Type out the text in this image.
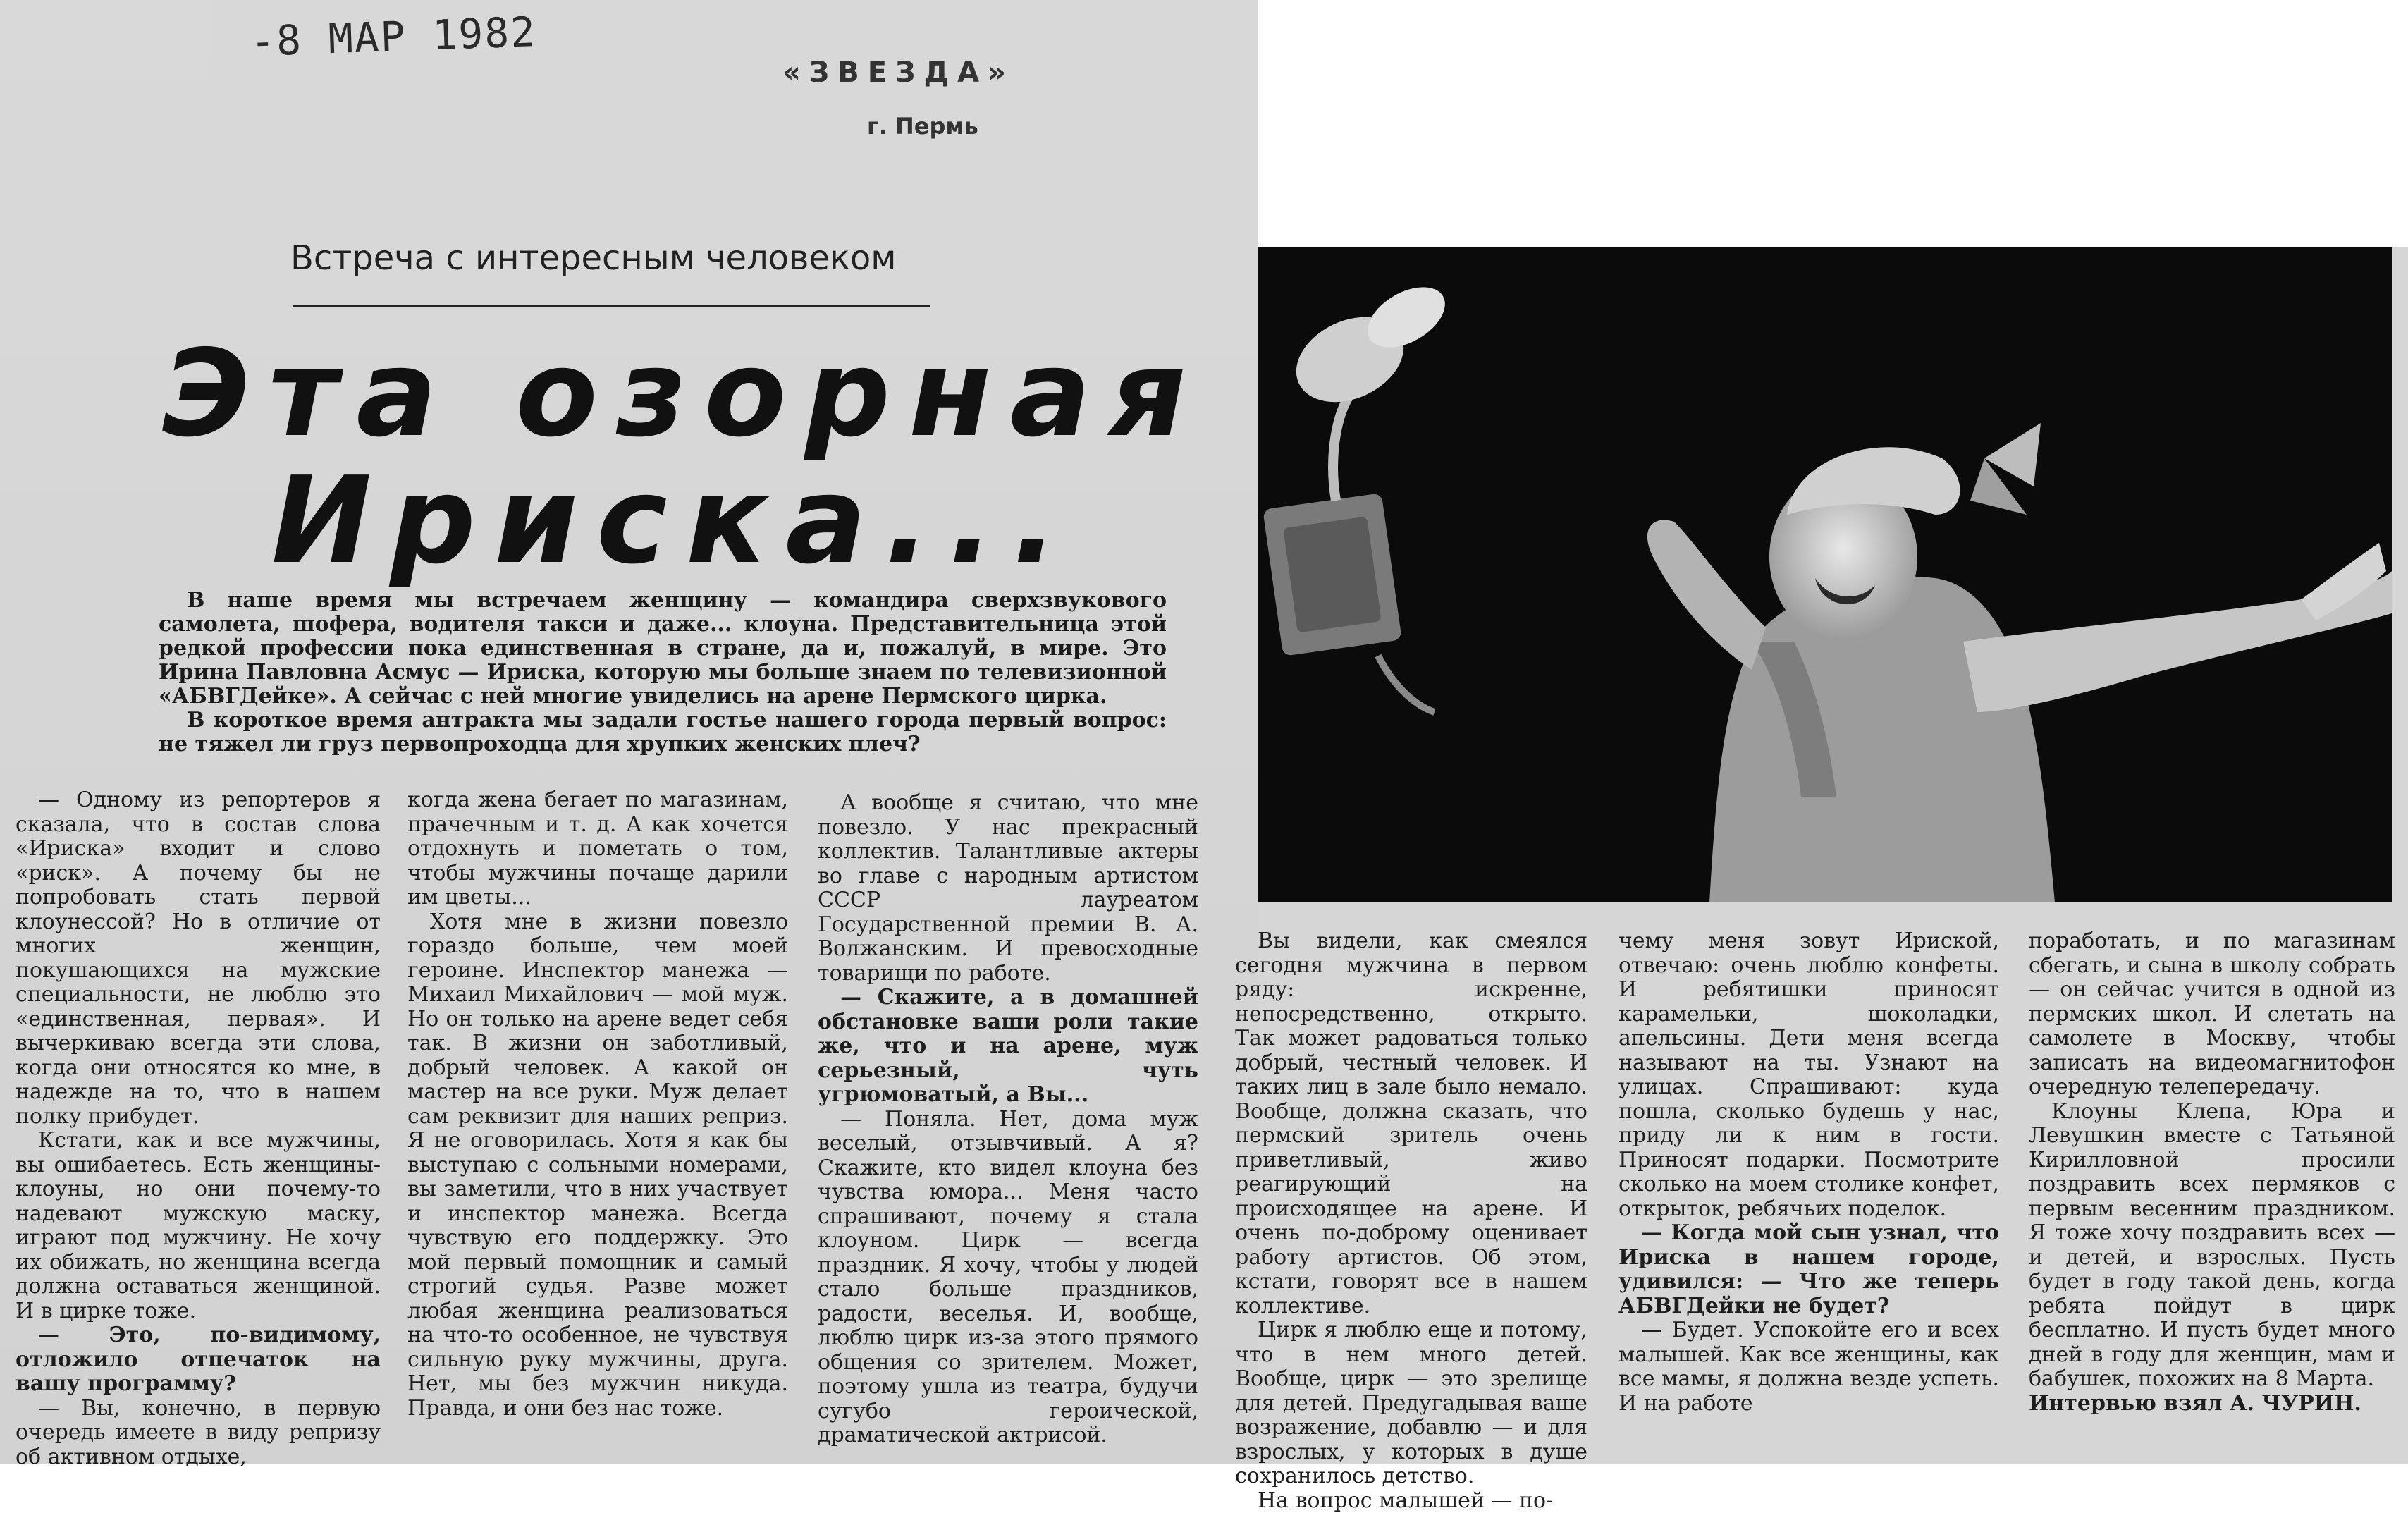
-8 МАР 1982
«ЗВЕЗДА»
г. Пермь
Встреча с интересным человеком
Эта озорная
Ириска...

В наше время мы встречаем женщину — командира сверхзвукового самолета, шофера, водителя такси и даже... клоуна. Представительница этой редкой профессии пока единственная в стране, да и, пожалуй, в мире. Это Ирина Павловна Асмус — Ириска, которую мы больше знаем по телевизионной «АБВГДейке». А сейчас с ней многие увиделись на арене Пермского цирка.

В короткое время антракта мы задали гостье нашего города первый вопрос: не тяжел ли груз первопроходца для хрупких женских плеч?

— Одному из репортеров я сказала, что в состав слова «Ириска» входит и слово «риск». А почему бы не попробовать стать первой клоунессой? Но в отличие от многих женщин, покушающихся на мужские специальности, не люблю это «единственная, первая». И вычеркиваю всегда эти слова, когда они относятся ко мне, в надежде на то, что в нашем полку прибудет.

Кстати, как и все мужчины, вы ошибаетесь. Есть женщины-клоуны, но они почему-то надевают мужскую маску, играют под мужчину. Не хочу их обижать, но женщина всегда должна оставаться женщиной. И в цирке тоже.

— Это, по-видимому, отложило отпечаток на вашу программу?

— Вы, конечно, в первую очередь имеете в виду репризу об активном отдыхе,

когда жена бегает по магазинам, прачечным и т. д. А как хочется отдохнуть и пометать о том, чтобы мужчины почаще дарили им цветы...

Хотя мне в жизни повезло гораздо больше, чем моей героине. Инспектор манежа — Михаил Михайлович — мой муж. Но он только на арене ведет себя так. В жизни он заботливый, добрый человек. А какой он мастер на все руки. Муж делает сам реквизит для наших реприз. Я не оговорилась. Хотя я как бы выступаю с сольными номерами, вы заметили, что в них участвует и инспектор манежа. Всегда чувствую его поддержку. Это мой первый помощник и самый строгий судья. Разве может любая женщина реализоваться на что-то особенное, не чувствуя сильную руку мужчины, друга. Нет, мы без мужчин никуда. Правда, и они без нас тоже.

А вообще я считаю, что мне повезло. У нас прекрасный коллектив. Талантливые актеры во главе с народным артистом СССР лауреатом Государственной премии В. А. Волжанским. И превосходные товарищи по работе.

— Скажите, а в домашней обстановке ваши роли такие же, что и на арене, муж серьезный, чуть угрюмоватый, а Вы...

— Поняла. Нет, дома муж веселый, отзывчивый. А я? Скажите, кто видел клоуна без чувства юмора... Меня часто спрашивают, почему я стала клоуном. Цирк — всегда праздник. Я хочу, чтобы у людей стало больше праздников, радости, веселья. И, вообще, люблю цирк из-за этого прямого общения со зрителем. Может, поэтому ушла из театра, будучи сугубо героической, драматической актрисой.

Вы видели, как смеялся сегодня мужчина в первом ряду: искренне, непосредственно, открыто. Так может радоваться только добрый, честный человек. И таких лиц в зале было немало. Вообще, должна сказать, что пермский зритель очень приветливый, живо реагирующий на происходящее на арене. И очень по-доброму оценивает работу артистов. Об этом, кстати, говорят все в нашем коллективе.

Цирк я люблю еще и потому, что в нем много детей. Вообще, цирк — это зрелище для детей. Предугадывая ваше возражение, добавлю — и для взрослых, у которых в душе сохранилось детство.

На вопрос малышей — по-

чему меня зовут Ириской, отвечаю: очень люблю конфеты. И ребятишки приносят карамельки, шоколадки, апельсины. Дети меня всегда называют на ты. Узнают на улицах. Спрашивают: куда пошла, сколько будешь у нас, приду ли к ним в гости. Приносят подарки. Посмотрите сколько на моем столике конфет, открыток, ребячьих поделок.

— Когда мой сын узнал, что Ириска в нашем городе, удивился: — Что же теперь АБВГДейки не будет?

— Будет. Успокойте его и всех малышей. Как все женщины, как все мамы, я должна везде успеть. И на работе

поработать, и по магазинам сбегать, и сына в школу собрать — он сейчас учится в одной из пермских школ. И слетать на самолете в Москву, чтобы записать на видеомагнитофон очередную телепередачу.

Клоуны Клепа, Юра и Левушкин вместе с Татьяной Кирилловной просили поздравить всех пермяков с первым весенним праздником. Я тоже хочу поздравить всех — и детей, и взрослых. Пусть будет в году такой день, когда ребята пойдут в цирк бесплатно. И пусть будет много дней в году для женщин, мам и бабушек, похожих на 8 Марта.

Интервью взял А. ЧУРИН.
